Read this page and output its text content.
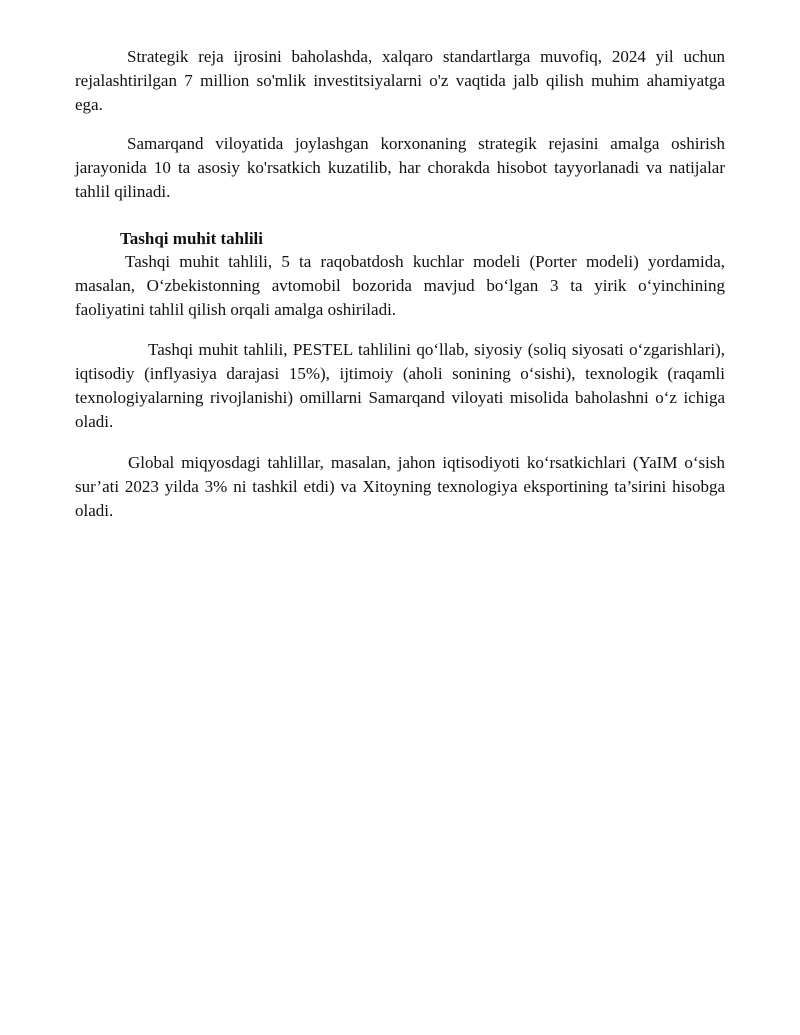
Strategik reja ijrosini baholashda, xalqaro standartlarga muvofiq, 2024 yil uchun rejalashtirilgan 7 million so'mlik investitsiyalarni o'z vaqtida jalb qilish muhim ahamiyatga ega.

Samarqand viloyatida joylashgan korxonaning strategik rejasini amalga oshirish jarayonida 10 ta asosiy ko'rsatkich kuzatilib, har chorakda hisobot tayyorlanadi va natijalar tahlil qilinadi.

Tashqi muhit tahlili

Tashqi muhit tahlili, 5 ta raqobatdosh kuchlar modeli (Porter modeli) yordamida, masalan, O‘zbekistonning avtomobil bozorida mavjud bo‘lgan 3 ta yirik o‘yinchining faoliyatini tahlil qilish orqali amalga oshiriladi.

Tashqi muhit tahlili, PESTEL tahlilini qo‘llab, siyosiy (soliq siyosati o‘zgarishlari), iqtisodiy (inflyasiya darajasi 15%), ijtimoiy (aholi sonining o‘sishi), texnologik (raqamli texnologiyalarning rivojlanishi) omillarni Samarqand viloyati misolida baholashni o‘z ichiga oladi.

Global miqyosdagi tahlillar, masalan, jahon iqtisodiyoti ko‘rsatkichlari (YaIM o‘sish sur’ati 2023 yilda 3% ni tashkil etdi) va Xitoyning texnologiya eksportining ta’sirini hisobga oladi.
